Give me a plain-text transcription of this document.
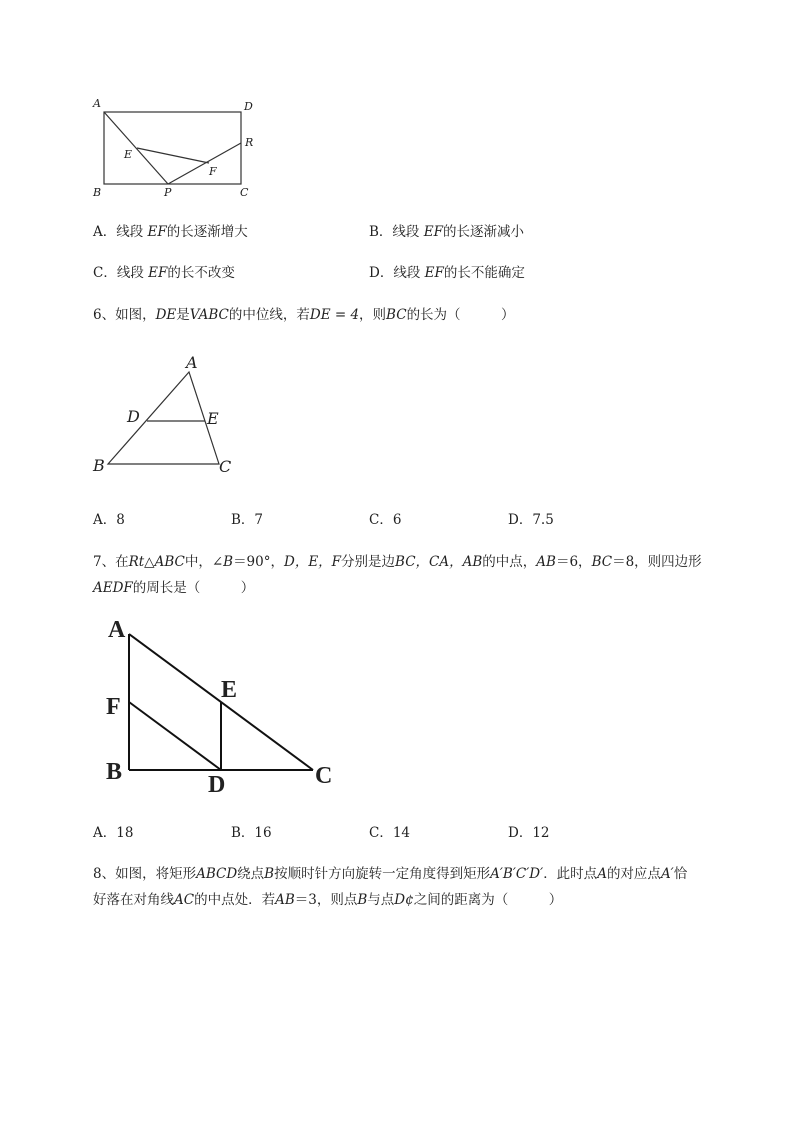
A	D
E
R
F
B	P	C
A．线段 EF的长逐渐增大	B．线段 EF的长逐渐减小
C．线段 EF的长不改变	D．线段 EF的长不能确定
6、如图，DE是VABC的中位线，若DE = 4，则BC的长为（　　　）
A
D	E
B	C
A．8	B．7	C．6	D．7.5
7、在Rt△ABC中，∠B＝90°，D，E，F分别是边BC，CA，AB的中点，AB＝6，BC＝8，则四边形
AEDF的周长是（　　　）
A
F
E
B	D	C
A．18	B．16	C．14	D．12
8、如图，将矩形ABCD绕点B按顺时针方向旋转一定角度得到矩形A′B′C′D′．此时点A的对应点A′恰
好落在对角线AC的中点处．若AB＝3，则点B与点D¢之间的距离为（　　　）
